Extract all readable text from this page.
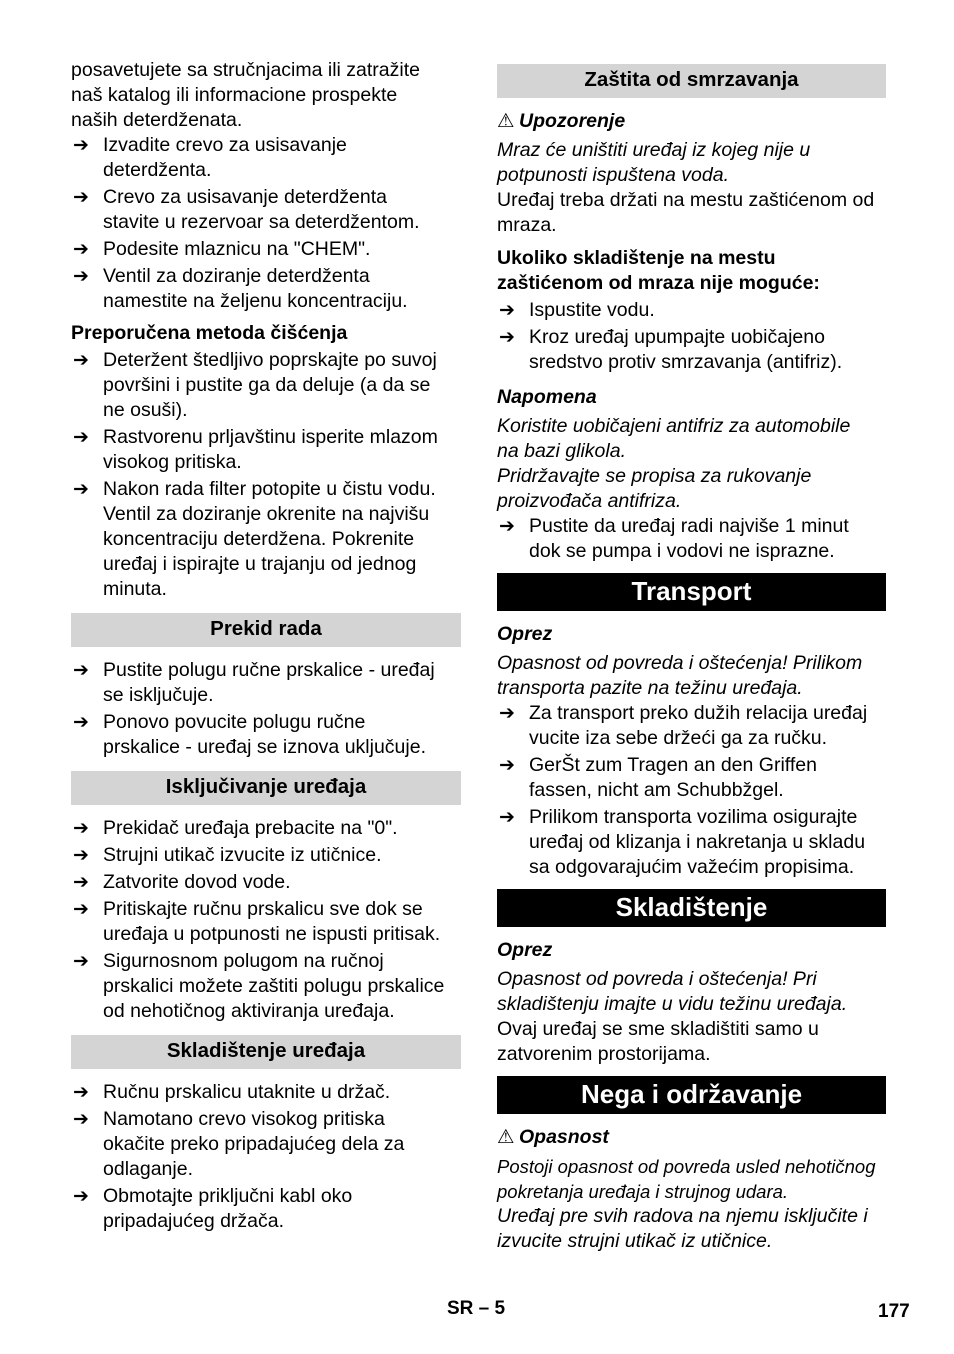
posavetujete sa stručnjacima ili zatražite
naš katalog ili informacione prospekte
naših deterdženata.

➔ Izvadite crevo za usisavanje
deterdženta.
➔ Crevo za usisavanje deterdženta
stavite u rezervoar sa deterdžentom.
➔ Podesite mlaznicu na "CHEM".
➔ Ventil za doziranje deterdženta
namestite na željenu koncentraciju.

Preporučena metoda čišćenja

➔ Deteržent štedljivo poprskajte po suvoj
površini i pustite ga da deluje (a da se
ne osuši).
➔ Rastvorenu prljavštinu isperite mlazom
visokog pritiska.
➔ Nakon rada filter potopite u čistu vodu.
Ventil za doziranje okrenite na najvišu
koncentraciju deterdžena. Pokrenite
uređaj i ispirajte u trajanju od jednog
minuta.
Prekid rada
➔ Pustite polugu ručne prskalice - uređaj
se isključuje.
➔ Ponovo povucite polugu ručne
prskalice - uređaj se iznova uključuje.
Isključivanje uređaja
➔ Prekidač uređaja prebacite na "0".
➔ Strujni utikač izvucite iz utičnice.
➔ Zatvorite dovod vode.
➔ Pritiskajte ručnu prskalicu sve dok se
uređaja u potpunosti ne ispusti pritisak.
➔ Sigurnosnom polugom na ručnoj
prskalici možete zaštiti polugu prskalice
od nehotičnog aktiviranja uređaja.
Skladištenje uređaja
➔ Ručnu prskalicu utaknite u držač.
➔ Namotano crevo visokog pritiska
okačite preko pripadajućeg dela za
odlaganje.
➔ Obmotajte priključni kabl oko
pripadajućeg držača.
Zaštita od smrzavanja

⚠ Upozorenje

Mraz će uništiti uređaj iz kojeg nije u
potpunosti ispuštena voda.

Uređaj treba držati na mestu zaštićenom od
mraza.

Ukoliko skladištenje na mestu
zaštićenom od mraza nije moguće:

➔ Ispustite vodu.
➔ Kroz uređaj upumpajte uobičajeno
sredstvo protiv smrzavanja (antifriz).

Napomena

Koristite uobičajeni antifriz za automobile
na bazi glikola.
Pridržavajte se propisa za rukovanje
proizvođača antifriza.

➔ Pustite da uređaj radi najviše 1 minut
dok se pumpa i vodovi ne isprazne.
Transport

Oprez

Opasnost od povreda i oštećenja! Prilikom
transporta pazite na težinu uređaja.

➔ Za transport preko dužih relacija uređaj
vucite iza sebe držeći ga za ručku.
➔ GerŠt zum Tragen an den Griffen
fassen, nicht am Schubbžgel.
➔ Prilikom transporta vozilima osigurajte
uređaj od klizanja i nakretanja u skladu
sa odgovarajućim važećim propisima.
Skladištenje

Oprez

Opasnost od povreda i oštećenja! Pri
skladištenju imajte u vidu težinu uređaja.

Ovaj uređaj se sme skladištiti samo u
zatvorenim prostorijama.

Nega i održavanje

⚠ Opasnost

Postoji opasnost od povreda usled nehotičnog
pokretanja uređaja i strujnog udara.

Uređaj pre svih radova na njemu isključite i
izvucite strujni utikač iz utičnice.

SR – 5	177
